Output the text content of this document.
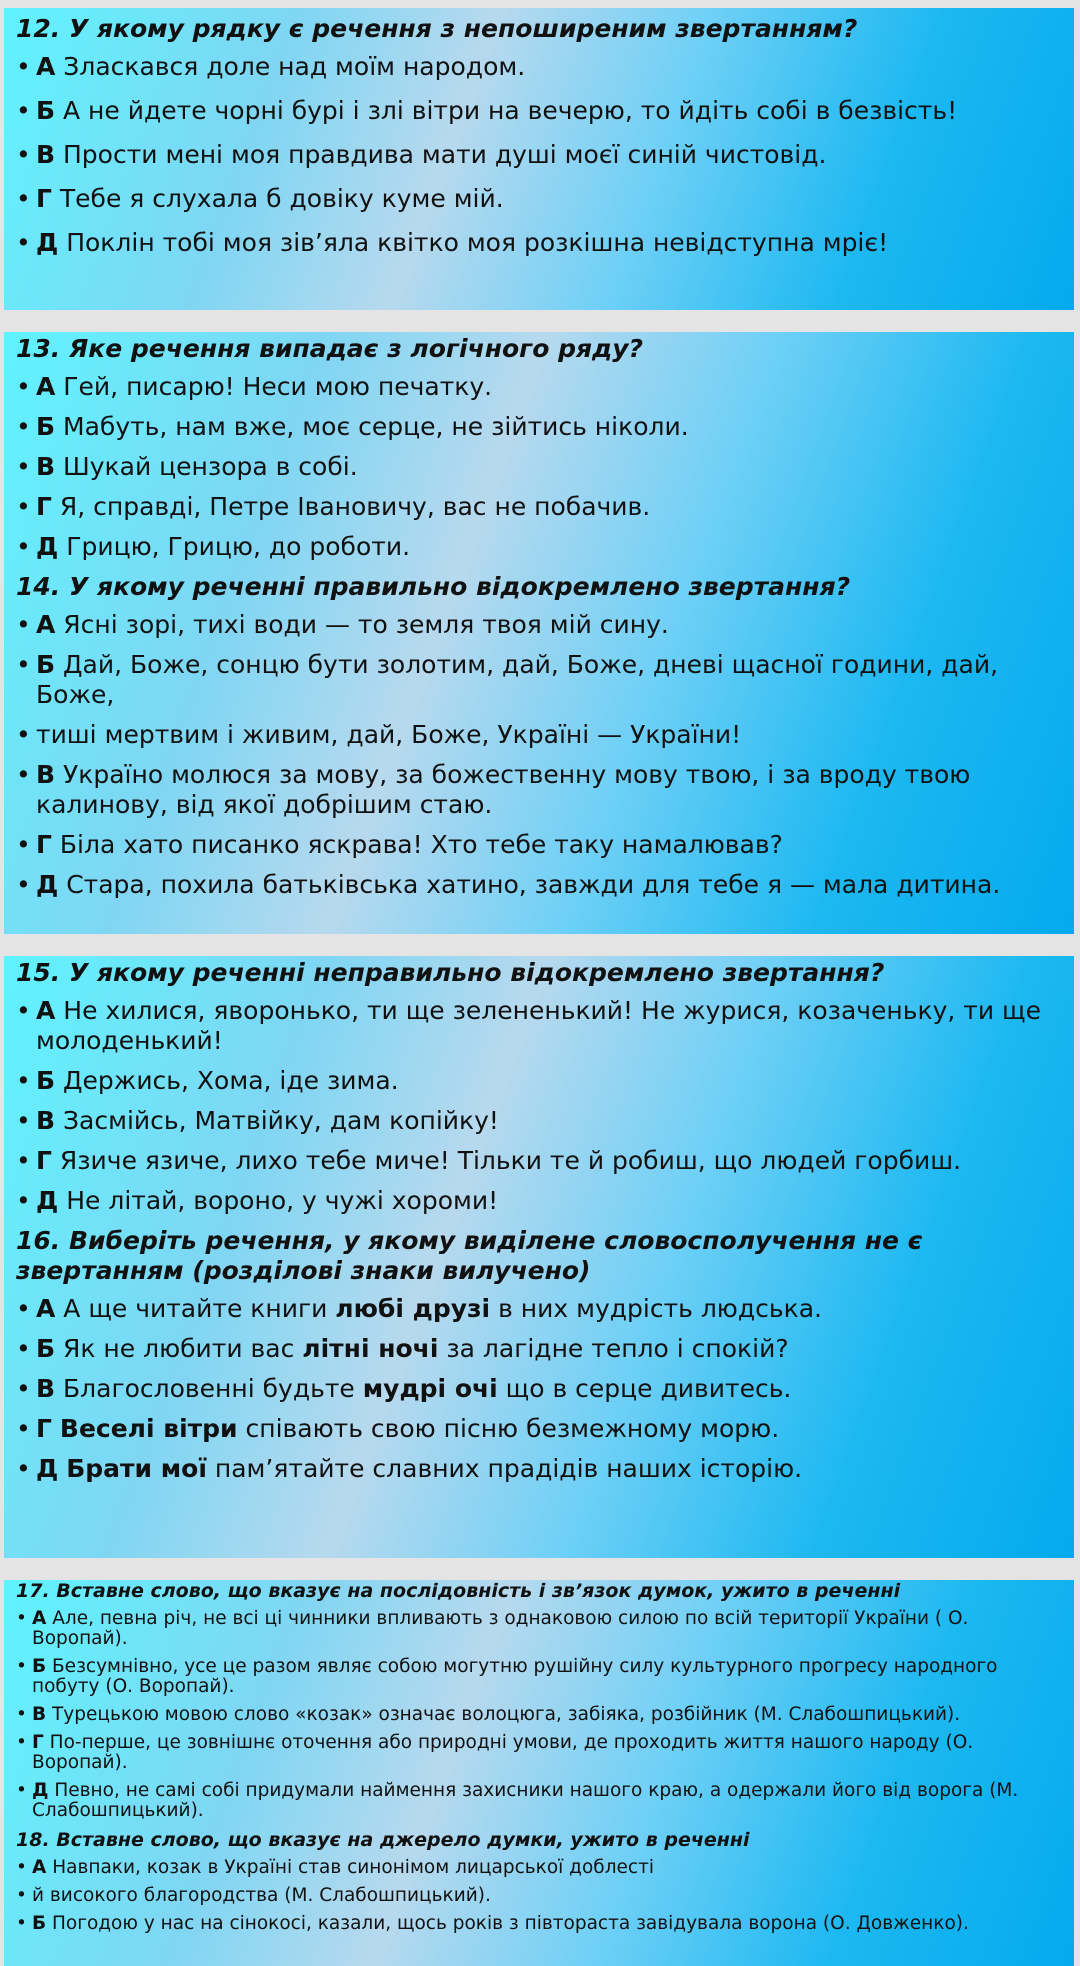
12. У якому рядку є речення з непоширеним звертанням?
• А Зласкався доле над моїм народом.
• Б А не йдете чорні бурі і злі вітри на вечерю, то йдіть собі в безвість!
• В Прости мені моя правдива мати душі моєї синій чистовід.
• Г Тебе я слухала б довіку куме мій.
• Д Поклін тобі моя зів’яла квітко моя розкішна невідступна мріє!
13. Яке речення випадає з логічного ряду?
• А Гей, писарю! Неси мою печатку.
• Б Мабуть, нам вже, моє серце, не зійтись ніколи.
• В Шукай цензора в собі.
• Г Я, справді, Петре Івановичу, вас не побачив.
• Д Грицю, Грицю, до роботи.
14. У якому реченні правильно відокремлено звертання?
• А Ясні зорі, тихі води — то земля твоя мій сину.
• Б Дай, Боже, сонцю бути золотим, дай, Боже, дневі щасної години, дай, Боже,
• тиші мертвим і живим, дай, Боже, Україні — України!
• В Україно молюся за мову, за божественну мову твою, і за вроду твою калинову, від якої добрішим стаю.
• Г Біла хато писанко яскрава! Хто тебе таку намалював?
• Д Стара, похила батьківська хатино, завжди для тебе я — мала дитина.
15. У якому реченні неправильно відокремлено звертання?
• А Не хилися, яворонько, ти ще зелененький! Не журися, козаченьку, ти ще молоденький!
• Б Держись, Хома, іде зима.
• В Засмійсь, Матвійку, дам копійку!
• Г Язиче язиче, лихо тебе миче! Тільки те й робиш, що людей горбиш.
• Д Не літай, вороно, у чужі хороми!
16. Виберіть речення, у якому виділене словосполучення не є звертанням (розділові знаки вилучено)
• А А ще читайте книги любі друзі в них мудрість людська.
• Б Як не любити вас літні ночі за лагідне тепло і спокій?
• В Благословенні будьте мудрі очі що в серце дивитесь.
• Г Веселі вітри співають свою пісню безмежному морю.
• Д Брати мої пам’ятайте славних прадідів наших історію.
17. Вставне слово, що вказує на послідовність і зв’язок думок, ужито в реченні
• А Але, певна річ, не всі ці чинники впливають з однаковою силою по всій території України ( О. Воропай).
• Б Безсумнівно, усе це разом являє собою могутню рушійну силу культурного прогресу народного побуту (О. Воропай).
• В Турецькою мовою слово «козак» означає волоцюга, забіяка, розбійник (М. Слабошпицький).
• Г По-перше, це зовнішнє оточення або природні умови, де проходить життя нашого народу (О. Воропай).
• Д Певно, не самі собі придумали наймення захисники нашого краю, а одержали його від ворога (М. Слабошпицький).
18. Вставне слово, що вказує на джерело думки, ужито в реченні
• А Навпаки, козак в Україні став синонімом лицарської доблесті
• й високого благородства (М. Слабошпицький).
• Б Погодою у нас на сінокосі, казали, щось років з півтораста завідувала ворона (О. Довженко).
